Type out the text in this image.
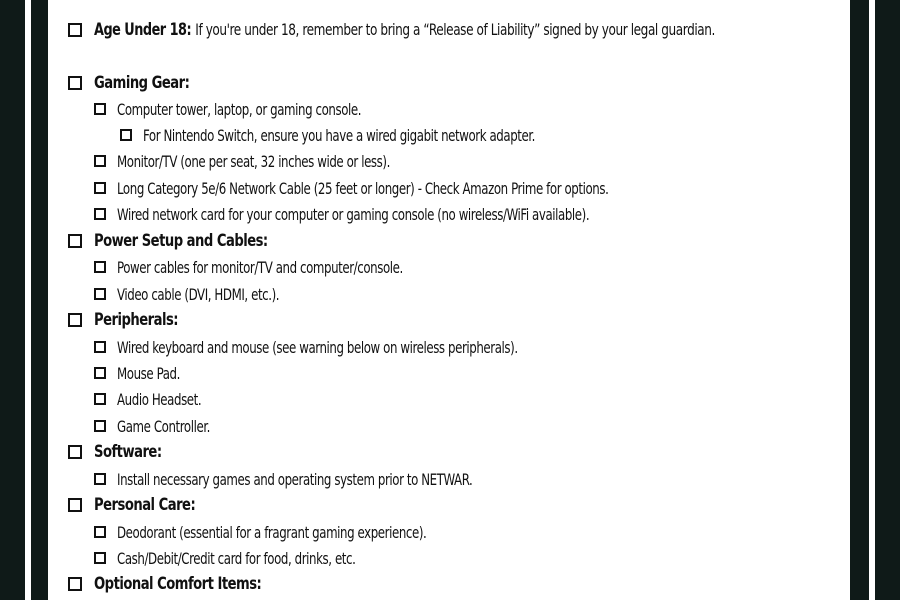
Age Under 18: If you're under 18, remember to bring a “Release of Liability” signed by your legal guardian.
Gaming Gear:
Computer tower, laptop, or gaming console.
For Nintendo Switch, ensure you have a wired gigabit network adapter.
Monitor/TV (one per seat, 32 inches wide or less).
Long Category 5e/6 Network Cable (25 feet or longer) - Check Amazon Prime for options.
Wired network card for your computer or gaming console (no wireless/WiFi available).
Power Setup and Cables:
Power cables for monitor/TV and computer/console.
Video cable (DVI, HDMI, etc.).
Peripherals:
Wired keyboard and mouse (see warning below on wireless peripherals).
Mouse Pad.
Audio Headset.
Game Controller.
Software:
Install necessary games and operating system prior to NETWAR.
Personal Care:
Deodorant (essential for a fragrant gaming experience).
Cash/Debit/Credit card for food, drinks, etc.
Optional Comfort Items:
